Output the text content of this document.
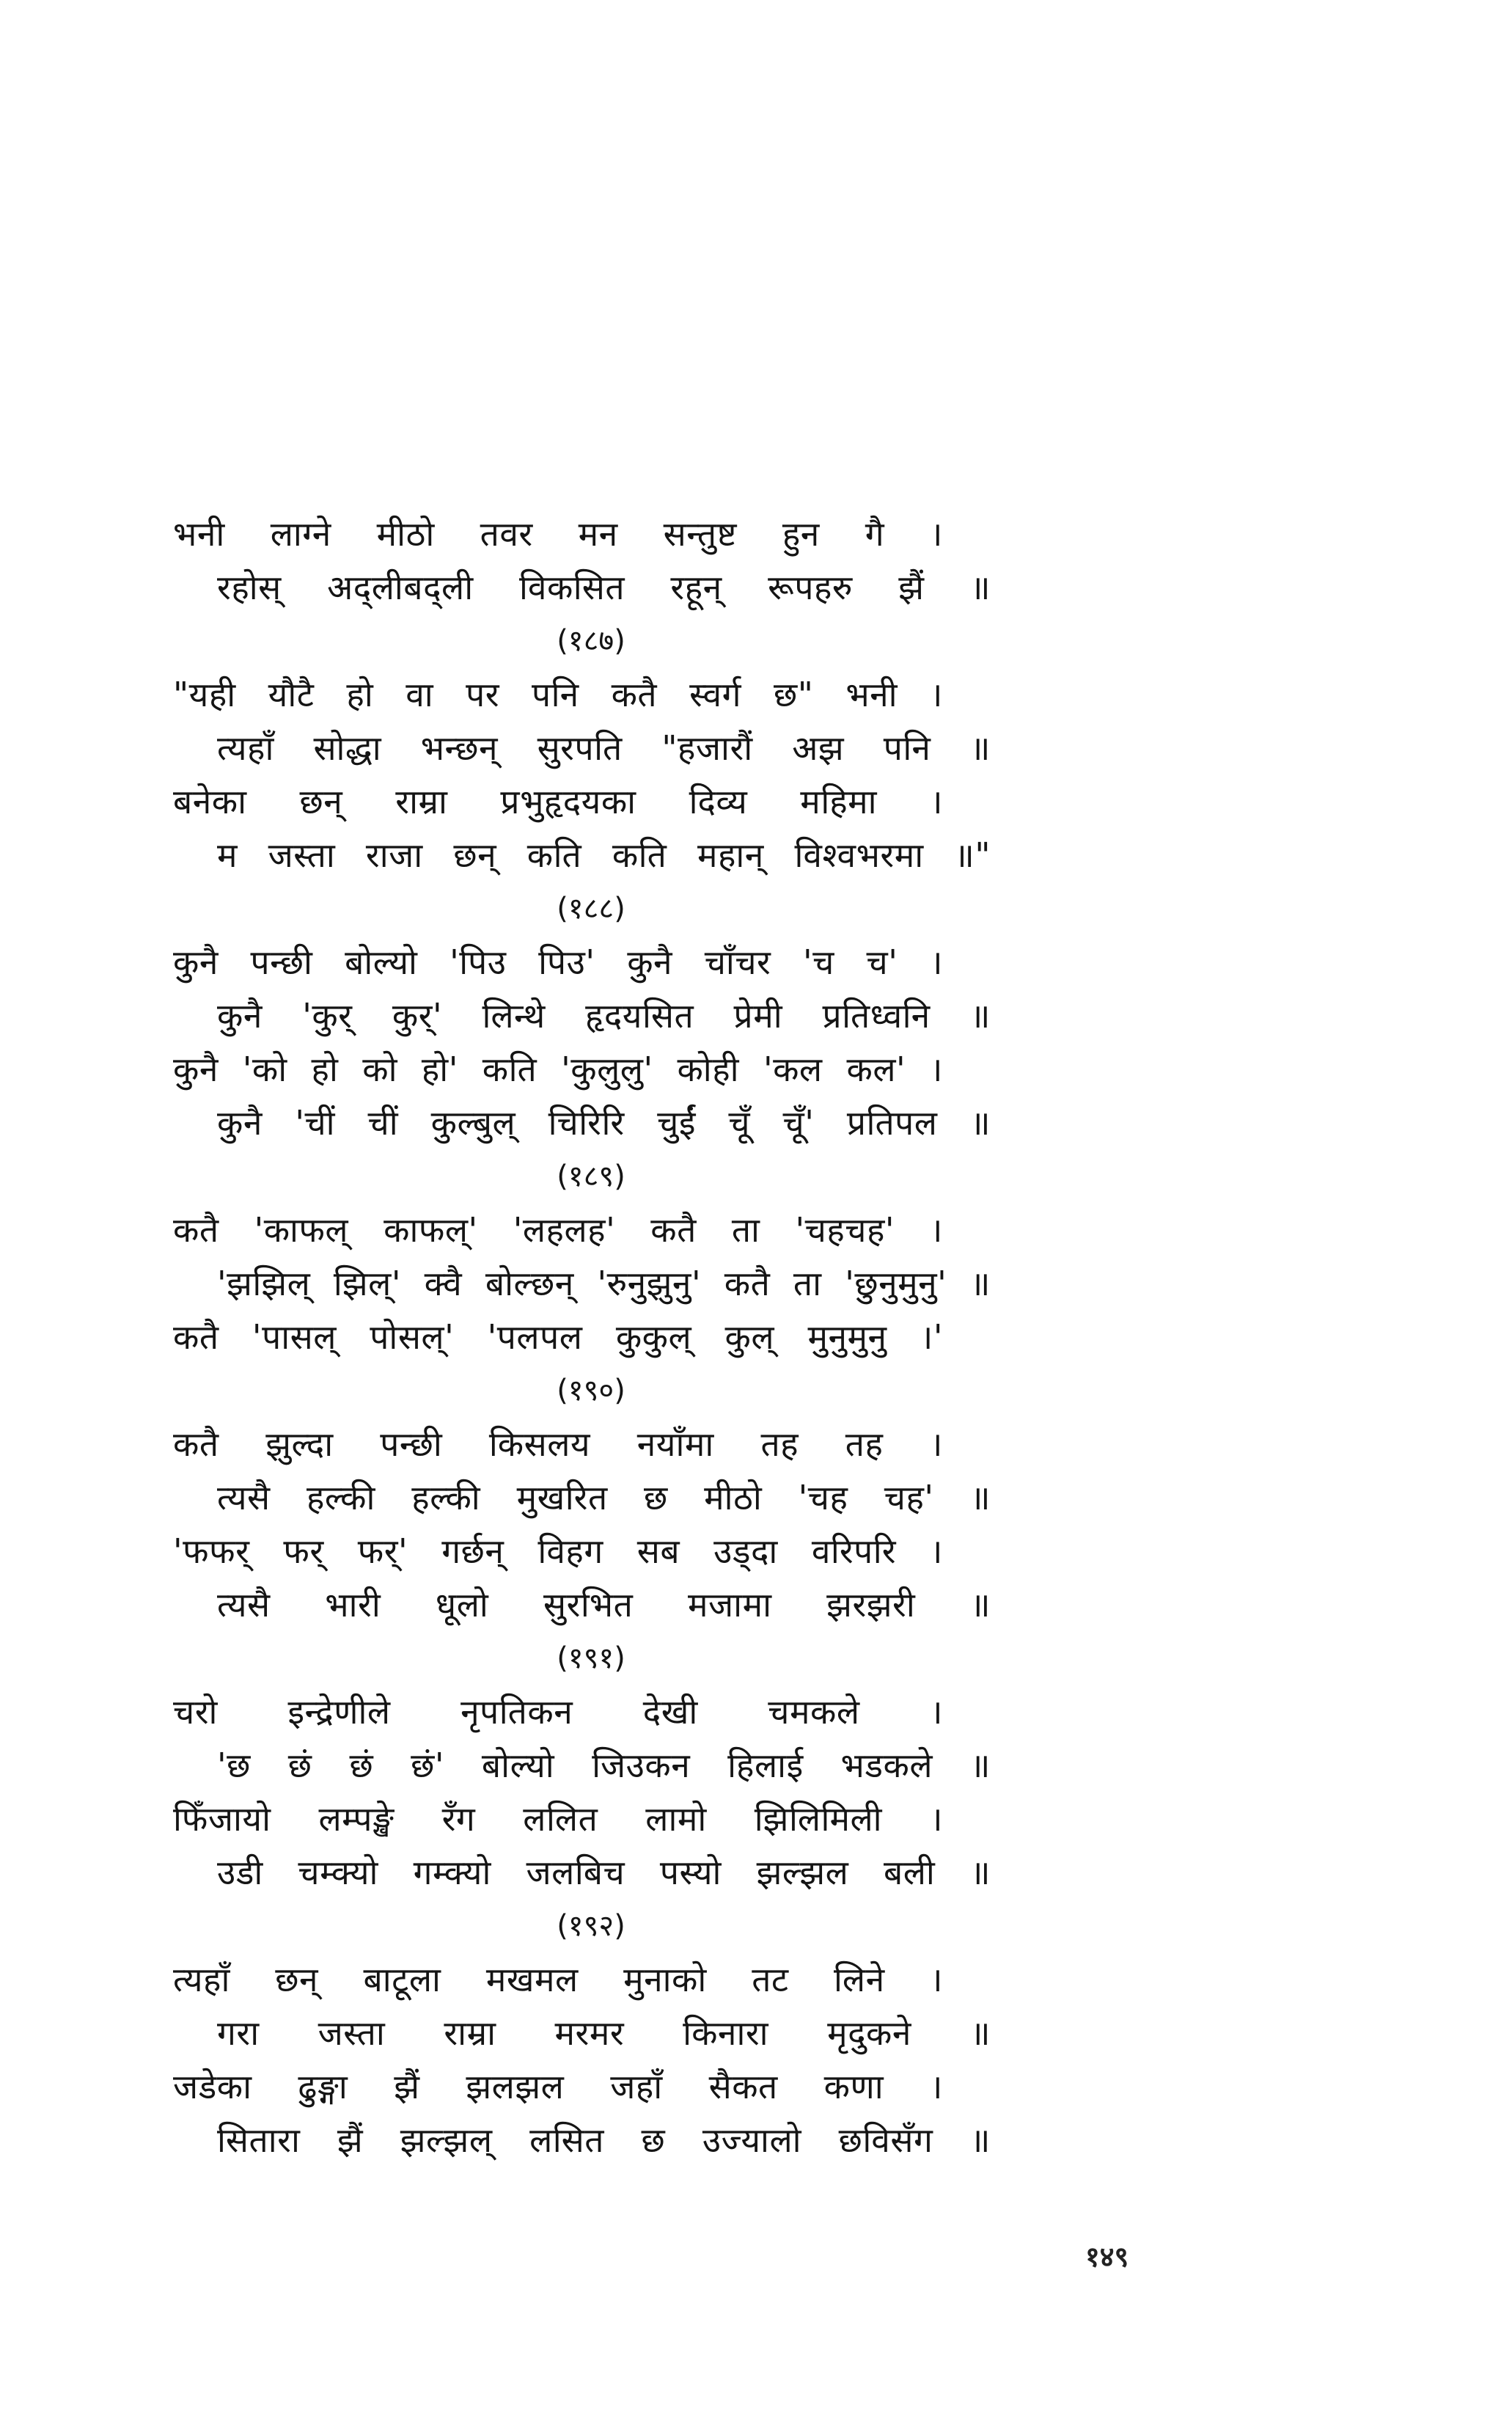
भनी लाग्ने मीठो तवर मन सन्तुष्ट हुन गै ।
रहोस् अद्‌लीबद्‌ली विकसित रहून् रूपहरु झैं ॥
(१८७)
"यही यौटै हो वा पर पनि कतै स्वर्ग छ" भनी ।
त्यहाँ सोद्धा भन्छन् सुरपति "हजारौं अझ पनि ॥
बनेका छन् राम्रा प्रभुहृदयका दिव्य महिमा ।
म जस्ता राजा छन् कति कति महान् विश्वभरमा ॥"
(१८८)
कुनै पन्छी बोल्यो 'पिउ पिउ' कुनै चाँचर 'च च' ।
कुनै 'कुर् कुर्' लिन्थे हृदयसित प्रेमी प्रतिध्वनि ॥
कुनै 'को हो को हो' कति 'कुलुलु' कोही 'कल कल' ।
कुनै 'चीं चीं कुल्बुल् चिरिरि चुईं चूँ चूँ' प्रतिपल ॥
(१८९)
कतै 'काफल् काफल्' 'लहलह' कतै ता 'चहचह' ।
'झझिल् झिल्' क्वै बोल्छन् 'रुनुझुनु' कतै ता 'छुनुमुनु' ॥
कतै 'पासल् पोसल्' 'पलपल कुकुल् कुल् मुनुमुनु ।'
(१९०)
कतै झुल्दा पन्छी किसलय नयाँमा तह तह ।
त्यसै हल्की हल्की मुखरित छ मीठो 'चह चह' ॥
'फफर् फर् फर्' गर्छन् विहग सब उड्‌दा वरिपरि ।
त्यसै भारी धूलो सुरभित मजामा झरझरी ॥
(१९१)
चरो इन्द्रेणीले नृपतिकन देखी चमकले ।
'छ छं छं छं' बोल्यो जिउकन हिलाई भडकले ॥
फिँजायो लम्पङ्खे रँग ललित लामो झिलिमिली ।
उडी चम्क्यो गम्क्यो जलबिच पस्यो झल्झल बली ॥
(१९२)
त्यहाँ छन् बाटूला मखमल मुनाको तट लिने ।
गरा जस्ता राम्रा मरमर किनारा मृदुकने ॥
जडेका ढुङ्गा झैं झलझल जहाँ सैकत कणा ।
सितारा झैं झल्झल् लसित छ उज्यालो छविसँग ॥
१४९
